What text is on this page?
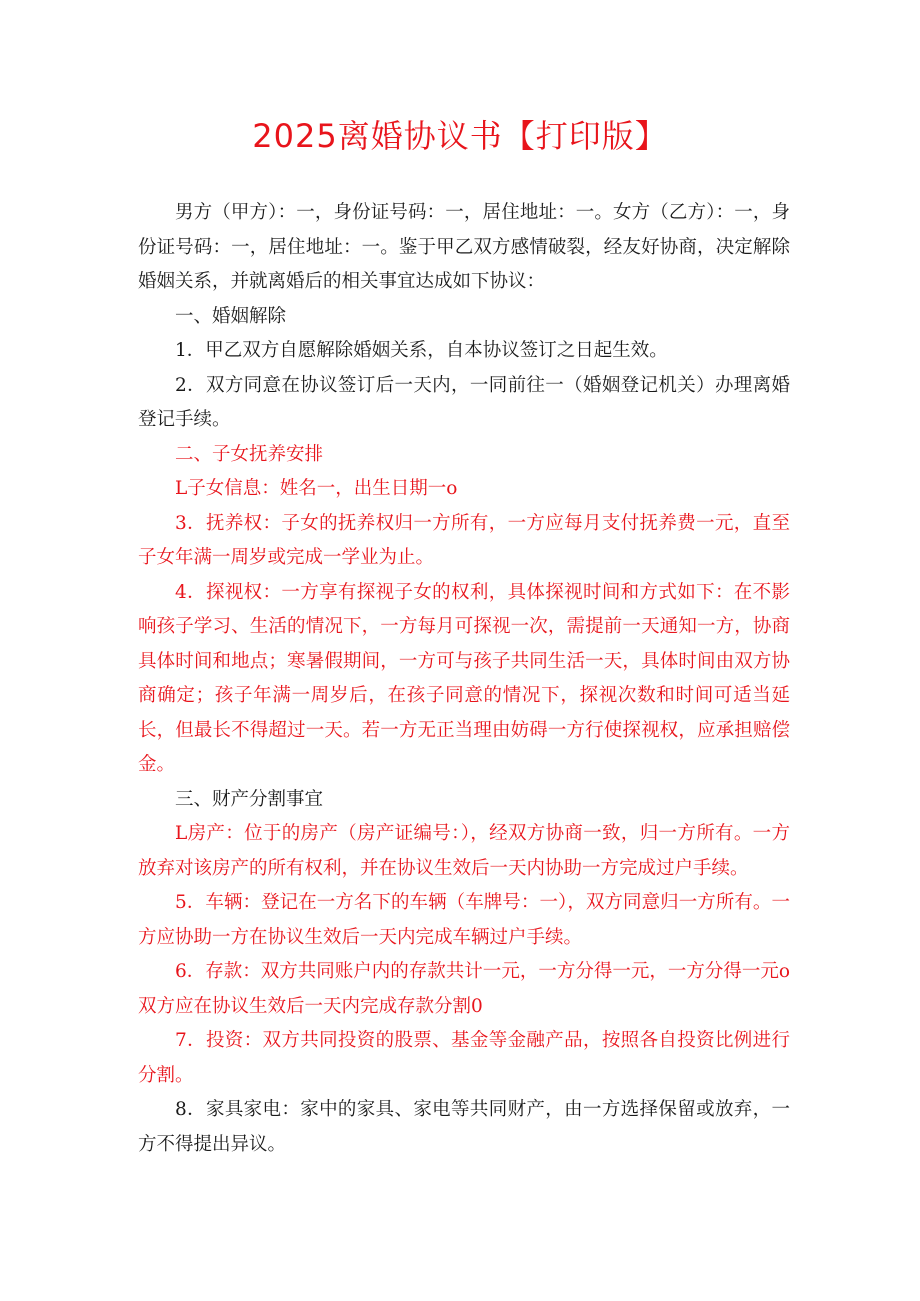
2025离婚协议书【打印版】

男方（甲方）：一，身份证号码：一，居住地址：一。女方（乙方）：一，身份证号码：一，居住地址：一。鉴于甲乙双方感情破裂，经友好协商，决定解除婚姻关系，并就离婚后的相关事宜达成如下协议：

一、婚姻解除

1．甲乙双方自愿解除婚姻关系，自本协议签订之日起生效。

2．双方同意在协议签订后一天内，一同前往一（婚姻登记机关）办理离婚登记手续。

二、子女抚养安排

L子女信息：姓名一，出生日期一o

3．抚养权：子女的抚养权归一方所有，一方应每月支付抚养费一元，直至子女年满一周岁或完成一学业为止。

4．探视权：一方享有探视子女的权利，具体探视时间和方式如下：在不影响孩子学习、生活的情况下，一方每月可探视一次，需提前一天通知一方，协商具体时间和地点；寒暑假期间，一方可与孩子共同生活一天，具体时间由双方协商确定；孩子年满一周岁后，在孩子同意的情况下，探视次数和时间可适当延长，但最长不得超过一天。若一方无正当理由妨碍一方行使探视权，应承担赔偿金。

三、财产分割事宜

L房产：位于的房产（房产证编号：），经双方协商一致，归一方所有。一方放弃对该房产的所有权利，并在协议生效后一天内协助一方完成过户手续。

5．车辆：登记在一方名下的车辆（车牌号：一），双方同意归一方所有。一方应协助一方在协议生效后一天内完成车辆过户手续。

6．存款：双方共同账户内的存款共计一元，一方分得一元，一方分得一元o双方应在协议生效后一天内完成存款分割0

7．投资：双方共同投资的股票、基金等金融产品，按照各自投资比例进行分割。

8．家具家电：家中的家具、家电等共同财产，由一方选择保留或放弃，一方不得提出异议。
